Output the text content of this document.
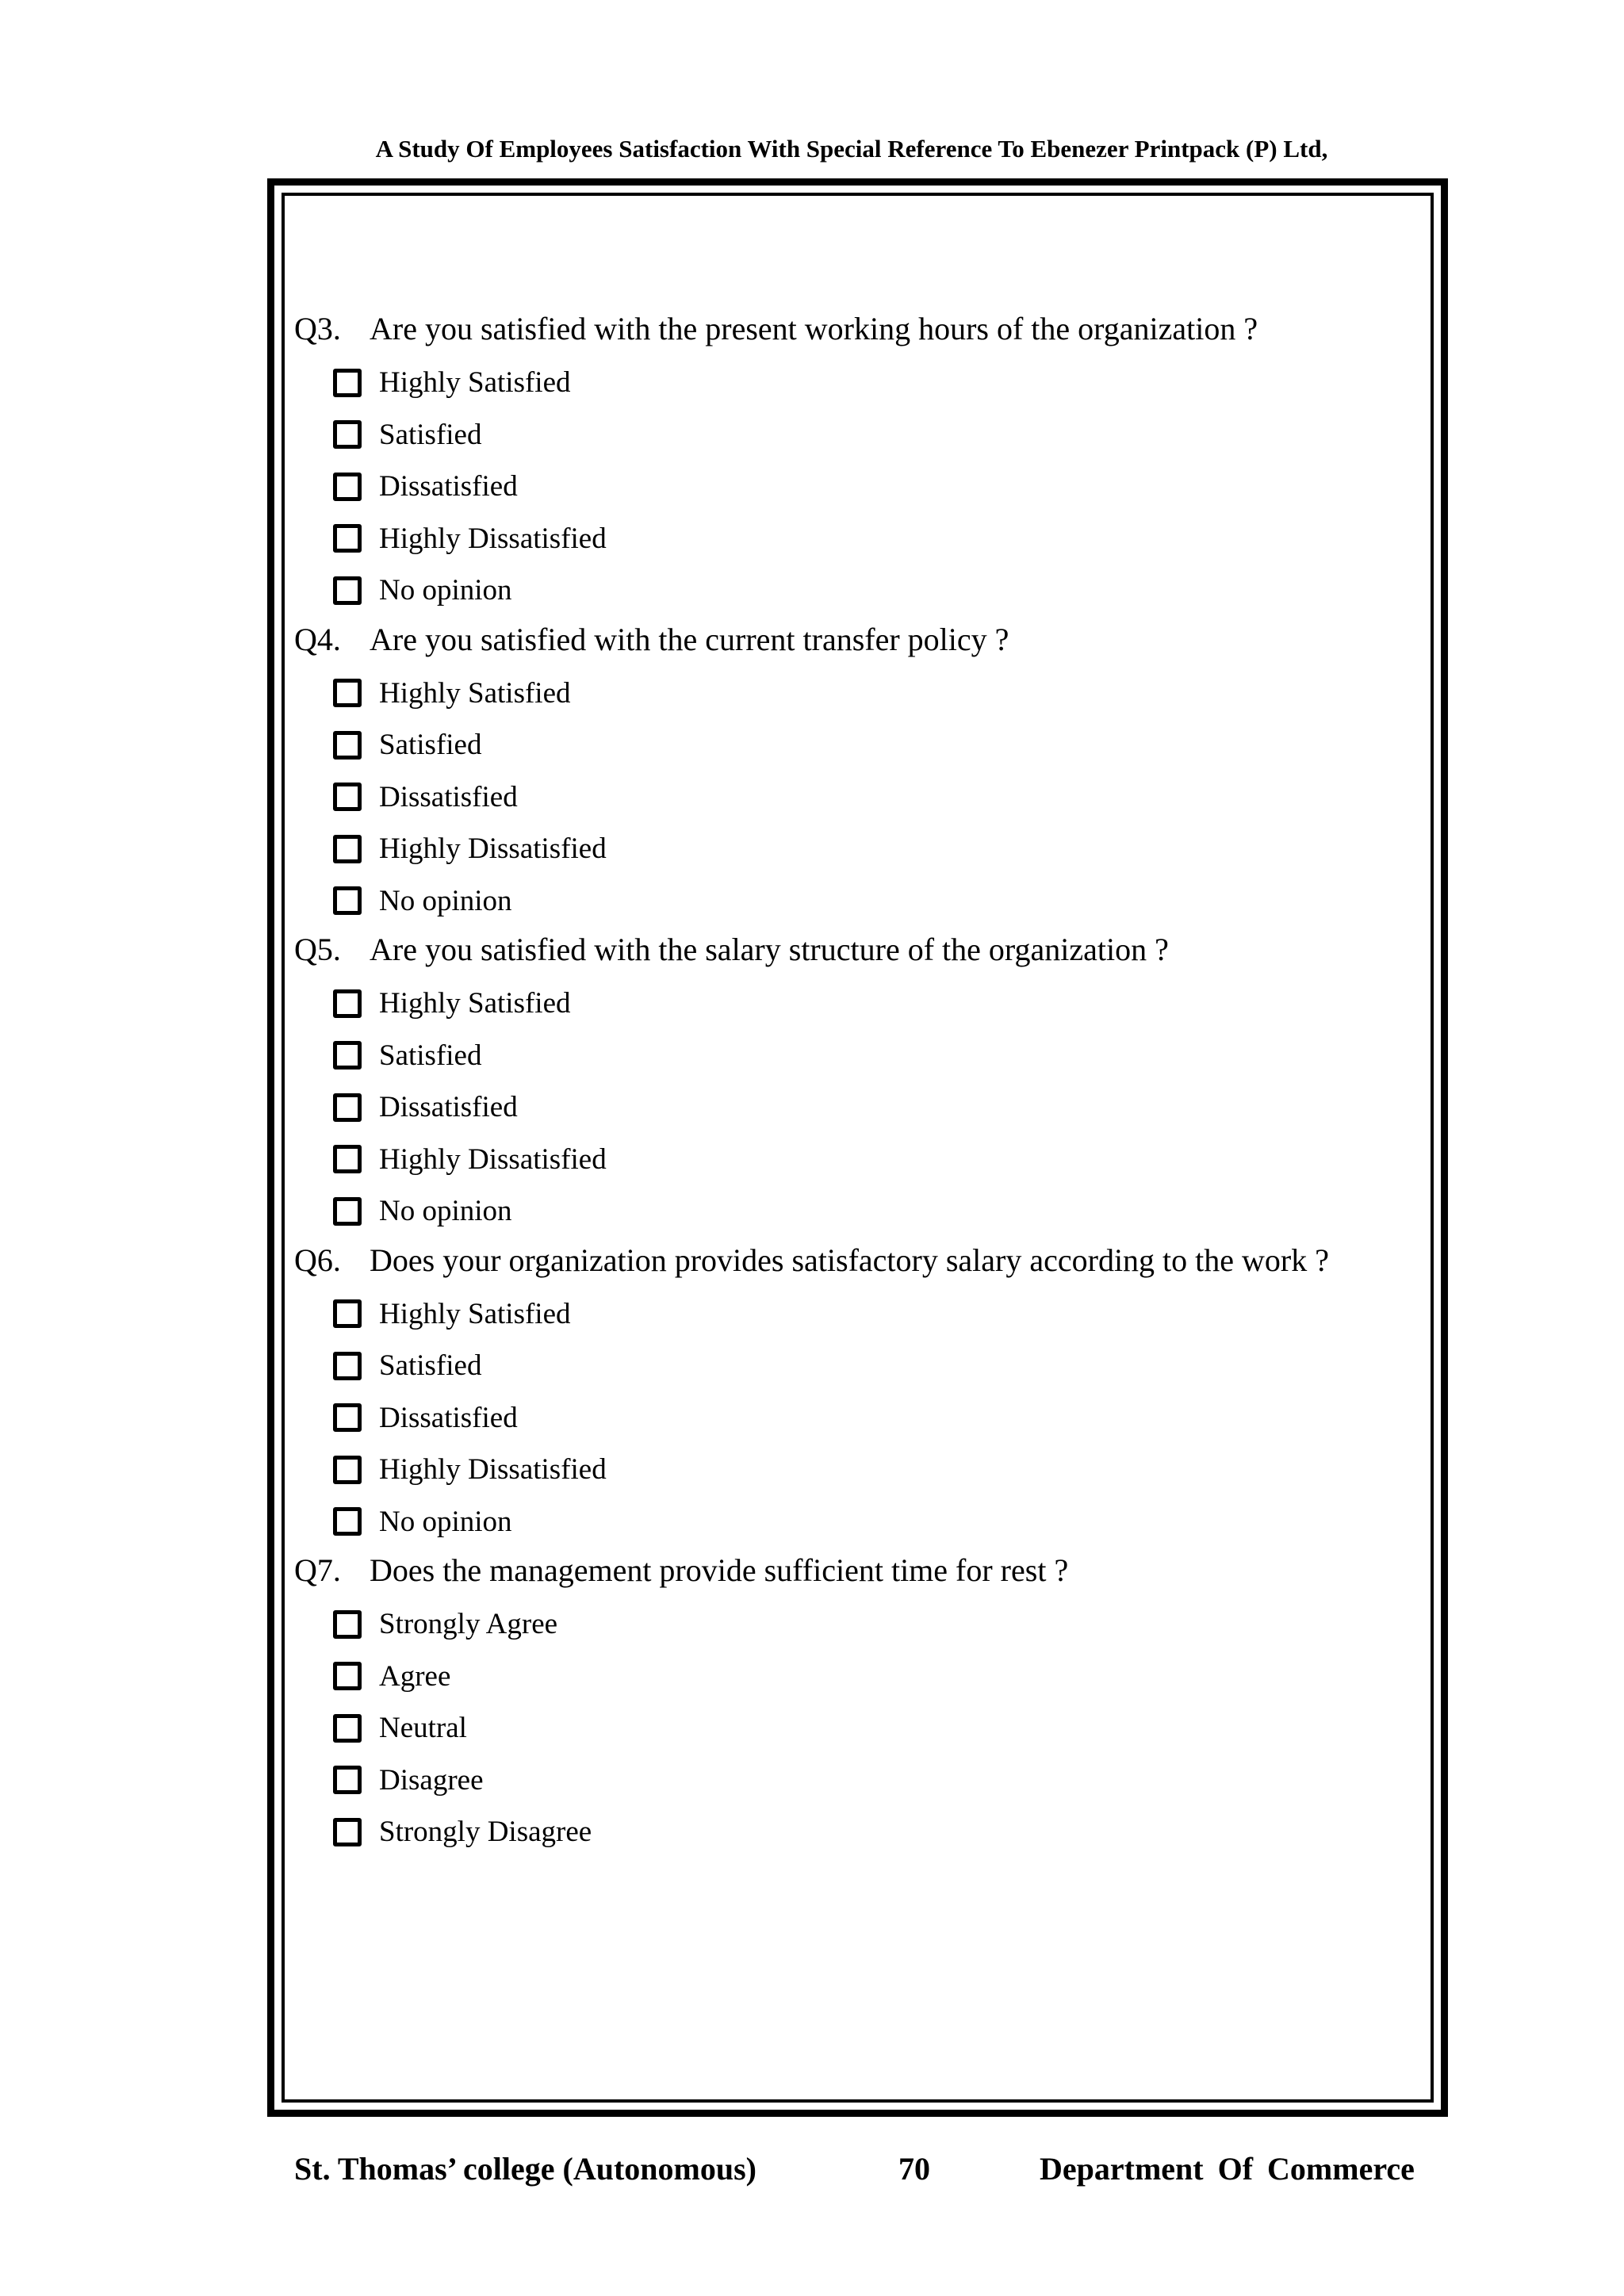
A Study Of Employees Satisfaction With Special Reference To Ebenezer Printpack (P) Ltd,
Q3. Are you satisfied with the present working hours of the organization ?
Highly Satisfied
Satisfied
Dissatisfied
Highly Dissatisfied
No opinion
Q4. Are you satisfied with the current transfer policy ?
Highly Satisfied
Satisfied
Dissatisfied
Highly Dissatisfied
No opinion
Q5. Are you satisfied with the salary structure of the organization ?
Highly Satisfied
Satisfied
Dissatisfied
Highly Dissatisfied
No opinion
Q6. Does your organization provides satisfactory salary according to the work ?
Highly Satisfied
Satisfied
Dissatisfied
Highly Dissatisfied
No opinion
Q7. Does the management provide sufficient time for rest ?
Strongly Agree
Agree
Neutral
Disagree
Strongly Disagree
St. Thomas’ college (Autonomous)	70	Department Of Commerce
